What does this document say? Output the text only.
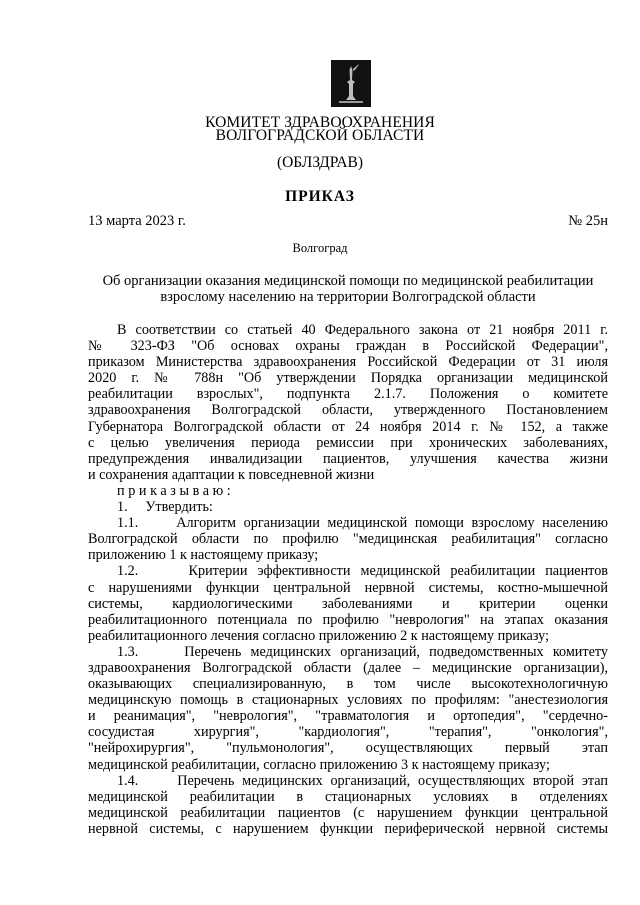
КОМИТЕТ ЗДРАВООХРАНЕНИЯ
ВОЛГОГРАДСКОЙ ОБЛАСТИ
(ОБЛЗДРАВ)
ПРИКАЗ
13 марта 2023 г.	№ 25н
Волгоград
Об организации оказания медицинской помощи по медицинской реабилитации
взрослому населению на территории Волгоградской области

В соответствии со статьей 40 Федерального закона от 21 ноября 2011 г.

№ 323-ФЗ "Об основах охраны граждан в Российской Федерации",

приказом Министерства здравоохранения Российской Федерации от 31 июля

2020 г. № 788н "Об утверждении Порядка организации медицинской

реабилитации взрослых", подпункта 2.1.7. Положения о комитете

здравоохранения Волгоградской области, утвержденного Постановлением

Губернатора Волгоградской области от 24 ноября 2014 г. № 152, а также

с целью увеличения периода ремиссии при хронических заболеваниях,

предупреждения инвалидизации пациентов, улучшения качества жизни

и сохранения адаптации к повседневной жизни

приказываю:

1.     Утвердить:

1.1.     Алгоритм организации медицинской помощи взрослому населению

Волгоградской области по профилю "медицинская реабилитация" согласно

приложению 1 к настоящему приказу;

1.2.     Критерии эффективности медицинской реабилитации пациентов

с нарушениями функции центральной нервной системы, костно-мышечной

системы, кардиологическими заболеваниями и критерии оценки

реабилитационного потенциала по профилю "неврология" на этапах оказания

реабилитационного лечения согласно приложению 2 к настоящему приказу;

1.3.     Перечень медицинских организаций, подведомственных комитету

здравоохранения Волгоградской области (далее – медицинские организации),

оказывающих специализированную, в том числе высокотехнологичную

медицинскую помощь в стационарных условиях по профилям: "анестезиология

и реанимация", "неврология", "травматология и ортопедия", "сердечно-

сосудистая хирургия", "кардиология", "терапия", "онкология",

"нейрохирургия", "пульмонология", осуществляющих первый этап

медицинской реабилитации, согласно приложению 3 к настоящему приказу;

1.4.     Перечень медицинских организаций, осуществляющих второй этап

медицинской реабилитации в стационарных условиях в отделениях

медицинской реабилитации пациентов (с нарушением функции центральной

нервной системы, с нарушением функции периферической нервной системы
